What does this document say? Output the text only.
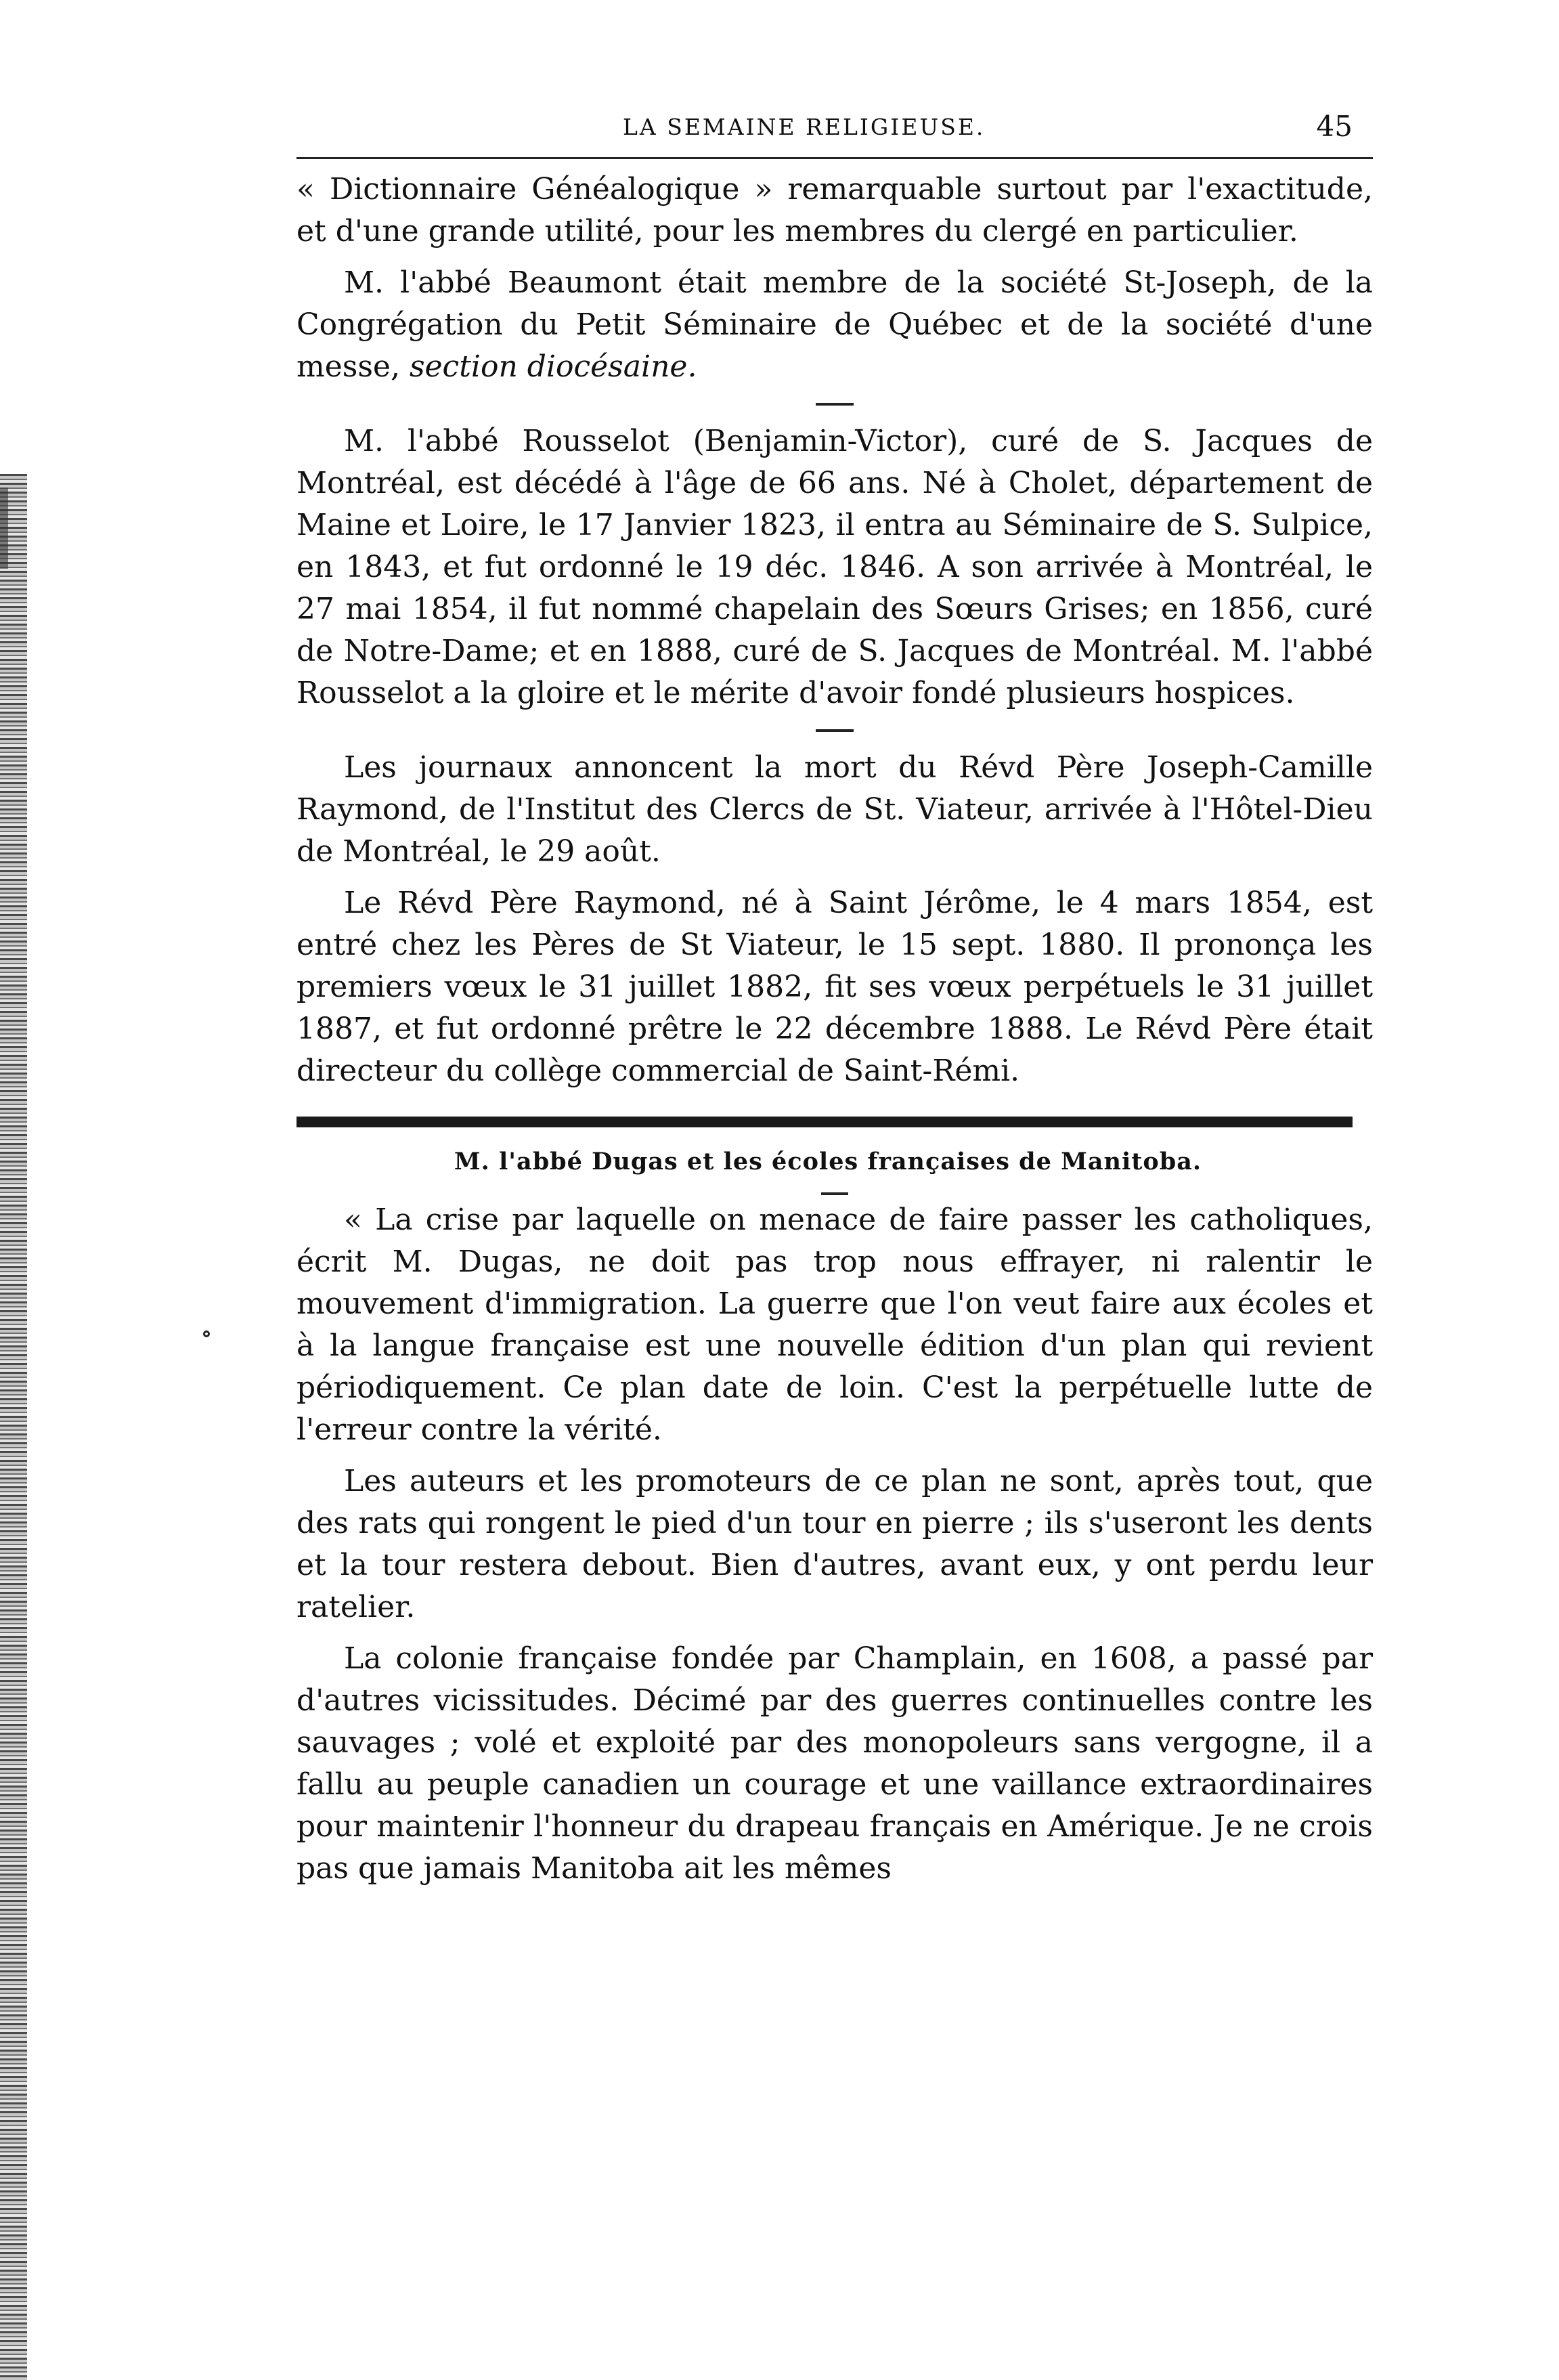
LA SEMAINE RELIGIEUSE.	45

« Dictionnaire Généalogique » remarquable surtout par l'exactitude, et d'une grande utilité, pour les membres du clergé en particulier.

M. l'abbé Beaumont était membre de la société St-Joseph, de la Congrégation du Petit Séminaire de Québec et de la société d'une messe, section diocésaine.

M. l'abbé Rousselot (Benjamin-Victor), curé de S. Jacques de Montréal, est décédé à l'âge de 66 ans. Né à Cholet, département de Maine et Loire, le 17 Janvier 1823, il entra au Séminaire de S. Sulpice, en 1843, et fut ordonné le 19 déc. 1846. A son arrivée à Montréal, le 27 mai 1854, il fut nommé chapelain des Sœurs Grises; en 1856, curé de Notre-Dame; et en 1888, curé de S. Jacques de Montréal. M. l'abbé Rousselot a la gloire et le mérite d'avoir fondé plusieurs hospices.

Les journaux annoncent la mort du Révd Père Joseph-Camille Raymond, de l'Institut des Clercs de St. Viateur, arrivée à l'Hôtel-Dieu de Montréal, le 29 août.

Le Révd Père Raymond, né à Saint Jérôme, le 4 mars 1854, est entré chez les Pères de St Viateur, le 15 sept. 1880. Il prononça les premiers vœux le 31 juillet 1882, fit ses vœux perpétuels le 31 juillet 1887, et fut ordonné prêtre le 22 décembre 1888. Le Révd Père était directeur du collège commercial de Saint-Rémi.

M. l'abbé Dugas et les écoles françaises de Manitoba.

« La crise par laquelle on menace de faire passer les catholiques, écrit M. Dugas, ne doit pas trop nous effrayer, ni ralentir le mouvement d'immigration. La guerre que l'on veut faire aux écoles et à la langue française est une nouvelle édition d'un plan qui revient périodiquement. Ce plan date de loin. C'est la perpétuelle lutte de l'erreur contre la vérité.

Les auteurs et les promoteurs de ce plan ne sont, après tout, que des rats qui rongent le pied d'un tour en pierre ; ils s'useront les dents et la tour restera debout. Bien d'autres, avant eux, y ont perdu leur ratelier.

La colonie française fondée par Champlain, en 1608, a passé par d'autres vicissitudes. Décimé par des guerres continuelles contre les sauvages ; volé et exploité par des monopoleurs sans vergogne, il a fallu au peuple canadien un courage et une vaillance extraordinaires pour maintenir l'honneur du drapeau français en Amérique. Je ne crois pas que jamais Manitoba ait les mêmes
